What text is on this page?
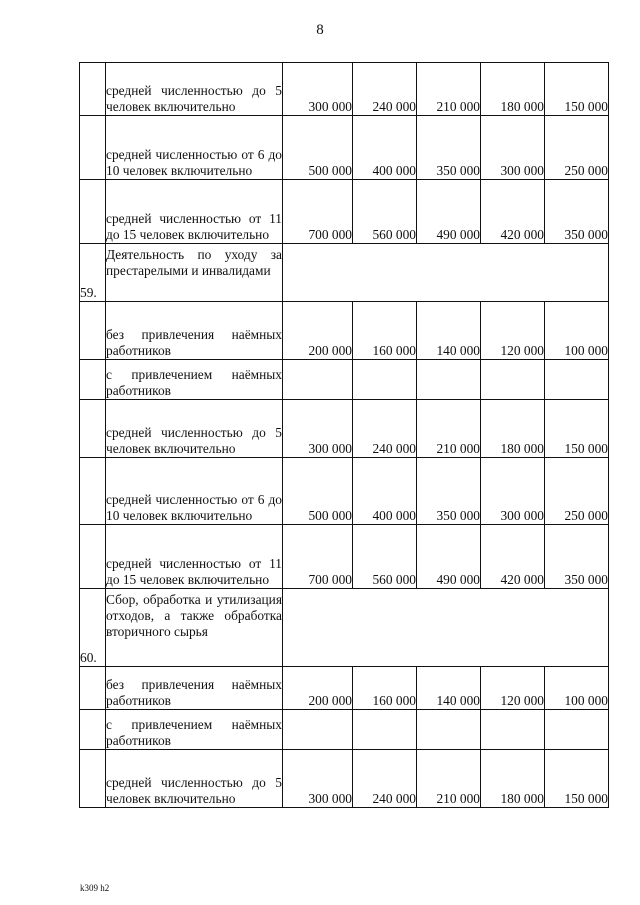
8
	средней численностью до 5 человек включительно	300 000	240 000	210 000	180 000	150 000
	средней численностью от 6 до 10 человек включительно	500 000	400 000	350 000	300 000	250 000
	средней численностью от 11 до 15 человек включительно	700 000	560 000	490 000	420 000	350 000
59.	Деятельность по уходу за престарелыми и инвалидами					
	без привлечения наёмных работников	200 000	160 000	140 000	120 000	100 000
	с привлечением наёмных работников					
	средней численностью до 5 человек включительно	300 000	240 000	210 000	180 000	150 000
	средней численностью от 6 до 10 человек включительно	500 000	400 000	350 000	300 000	250 000
	средней численностью от 11 до 15 человек включительно	700 000	560 000	490 000	420 000	350 000
60.	Сбор, обработка и утилизация отходов, а также обработка вторичного сырья					
	без привлечения наёмных работников	200 000	160 000	140 000	120 000	100 000
	с привлечением наёмных работников					
	средней численностью до 5 человек включительно	300 000	240 000	210 000	180 000	150 000
k309 h2
